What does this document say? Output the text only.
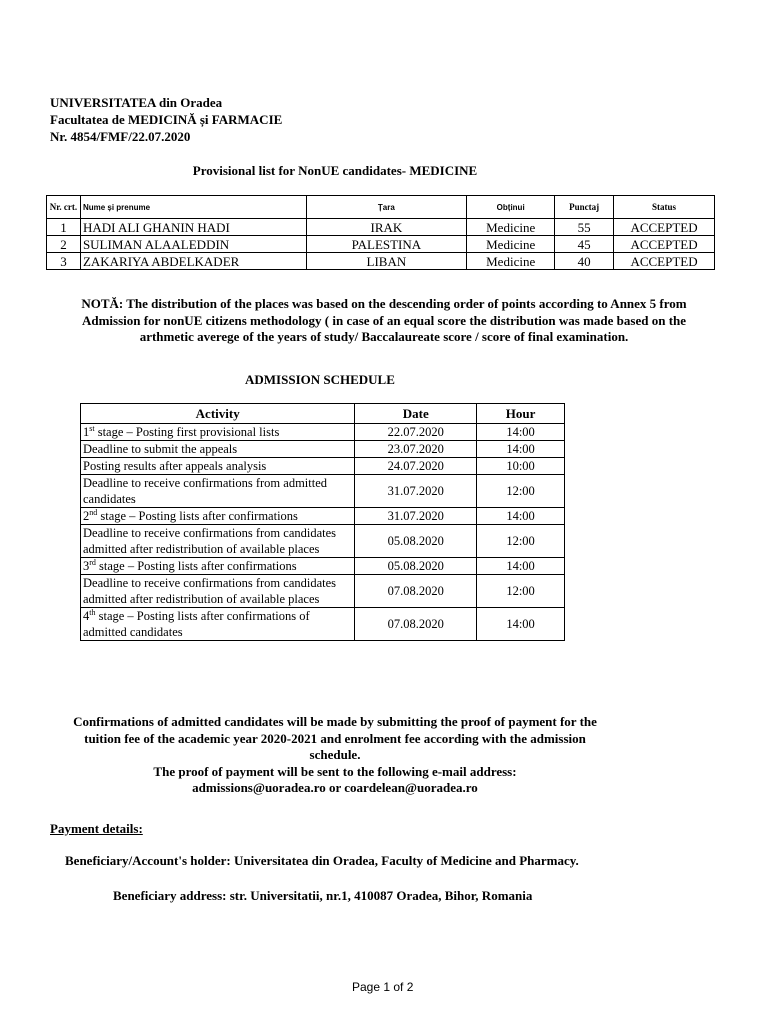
UNIVERSITATEA din Oradea
Facultatea de MEDICINĂ și FARMACIE
Nr. 4854/FMF/22.07.2020
Provisional list for NonUE candidates- MEDICINE
Nr. crt.	Nume și prenume	Țara	Obținui	Punctaj	Status
1	HADI ALI GHANIN HADI	IRAK	Medicine	55	ACCEPTED
2	SULIMAN ALAALEDDIN	PALESTINA	Medicine	45	ACCEPTED
3	ZAKARIYA ABDELKADER	LIBAN	Medicine	40	ACCEPTED
NOTĂ: The distribution of the places was based on the descending order of points according to Annex 5 from
Admission for nonUE citizens methodology ( in case of an equal score the distribution was made based on the
arthmetic averege of the years of study/ Baccalaureate score / score of final examination.
ADMISSION SCHEDULE
Activity	Date	Hour
1st stage – Posting first provisional lists	22.07.2020	14:00
Deadline to submit the appeals	23.07.2020	14:00
Posting results after appeals analysis	24.07.2020	10:00
Deadline to receive confirmations from admitted candidates	31.07.2020	12:00
2nd stage – Posting lists after confirmations	31.07.2020	14:00
Deadline to receive confirmations from candidates admitted after redistribution of available places	05.08.2020	12:00
3rd stage – Posting lists after confirmations	05.08.2020	14:00
Deadline to receive confirmations from candidates admitted after redistribution of available places	07.08.2020	12:00
4th stage – Posting lists after confirmations of admitted candidates	07.08.2020	14:00
Confirmations of admitted candidates will be made by submitting the proof of payment for the
tuition fee of the academic year 2020-2021 and enrolment fee according with the admission
schedule.
The proof of payment will be sent to the following e-mail address:
admissions@uoradea.ro or coardelean@uoradea.ro
Payment details:
Beneficiary/Account's holder: Universitatea din Oradea, Faculty of Medicine and Pharmacy.
Beneficiary address: str. Universitatii, nr.1, 410087 Oradea, Bihor, Romania
Page 1 of 2
